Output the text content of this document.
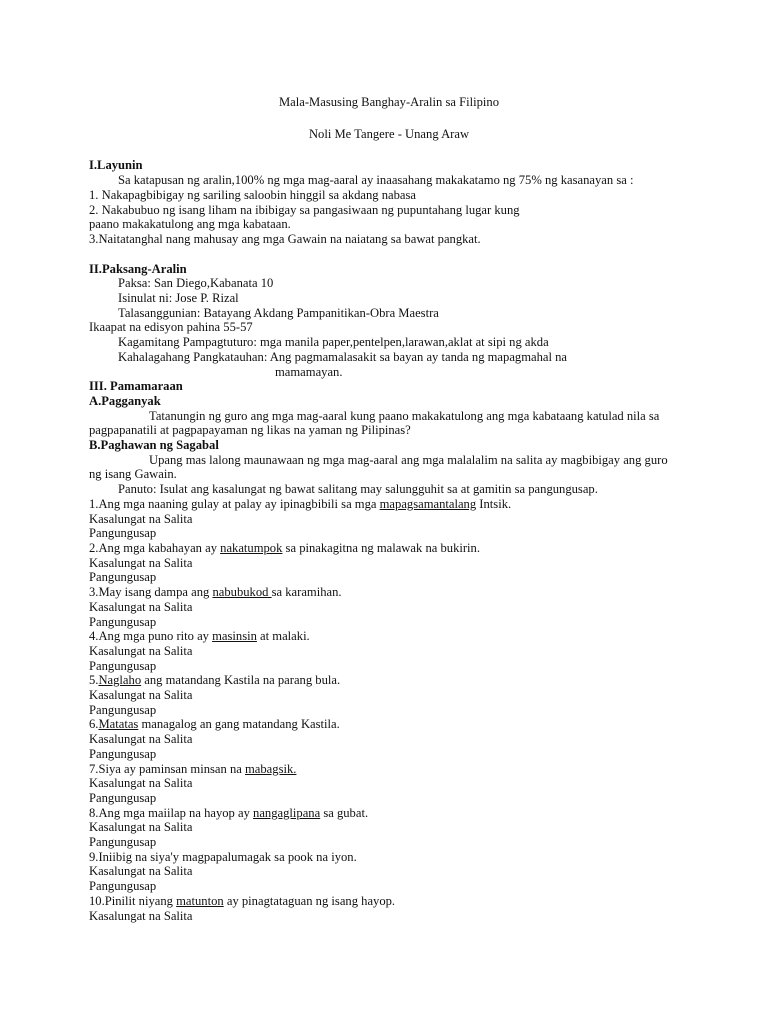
Mala-Masusing Banghay-Aralin sa Filipino

Noli Me Tangere - Unang Araw

I.Layunin

Sa katapusan ng aralin,100% ng mga mag-aaral ay inaasahang makakatamo ng 75% ng kasanayan sa :

1. Nakapagbibigay ng sariling saloobin hinggil sa akdang nabasa

2. Nakabubuo ng isang liham na ibibigay sa pangasiwaan ng pupuntahang lugar kung

paano makakatulong ang mga kabataan.

3.Naitatanghal nang mahusay ang mga Gawain na naiatang sa bawat pangkat.

II.Paksang-Aralin

Paksa: San Diego,Kabanata 10

Isinulat ni: Jose P. Rizal

Talasanggunian: Batayang Akdang Pampanitikan-Obra Maestra

Ikaapat na edisyon pahina 55-57

Kagamitang Pampagtuturo: mga manila paper,pentelpen,larawan,aklat at sipi ng akda

Kahalagahang Pangkatauhan: Ang pagmamalasakit sa bayan ay tanda ng mapagmahal na

mamamayan.

III. Pamamaraan

A.Pagganyak

Tatanungin ng guro ang mga mag-aaral kung paano makakatulong ang mga kabataang katulad nila sa

pagpapanatili at pagpapayaman ng likas na yaman ng Pilipinas?

B.Paghawan ng Sagabal

Upang mas lalong maunawaan ng mga mag-aaral ang mga malalalim na salita ay magbibigay ang guro

ng isang Gawain.

Panuto: Isulat ang kasalungat ng bawat salitang may salungguhit sa at gamitin sa pangungusap.

1.Ang mga naaning gulay at palay ay ipinagbibili sa mga mapagsamantalang Intsik.

Kasalungat na Salita

Pangungusap

2.Ang mga kabahayan ay nakatumpok sa pinakagitna ng malawak na bukirin.

Kasalungat na Salita

Pangungusap

3.May isang dampa ang nabubukod sa karamihan.

Kasalungat na Salita

Pangungusap

4.Ang mga puno rito ay masinsin at malaki.

Kasalungat na Salita

Pangungusap

5.Naglaho ang matandang Kastila na parang bula.

Kasalungat na Salita

Pangungusap

6.Matatas managalog an gang matandang Kastila.

Kasalungat na Salita

Pangungusap

7.Siya ay paminsan minsan na mabagsik.

Kasalungat na Salita

Pangungusap

8.Ang mga maiilap na hayop ay nangaglipana sa gubat.

Kasalungat na Salita

Pangungusap

9.Iniibig na siya'y magpapalumagak sa pook na iyon.

Kasalungat na Salita

Pangungusap

10.Pinilit niyang matunton ay pinagtataguan ng isang hayop.

Kasalungat na Salita
